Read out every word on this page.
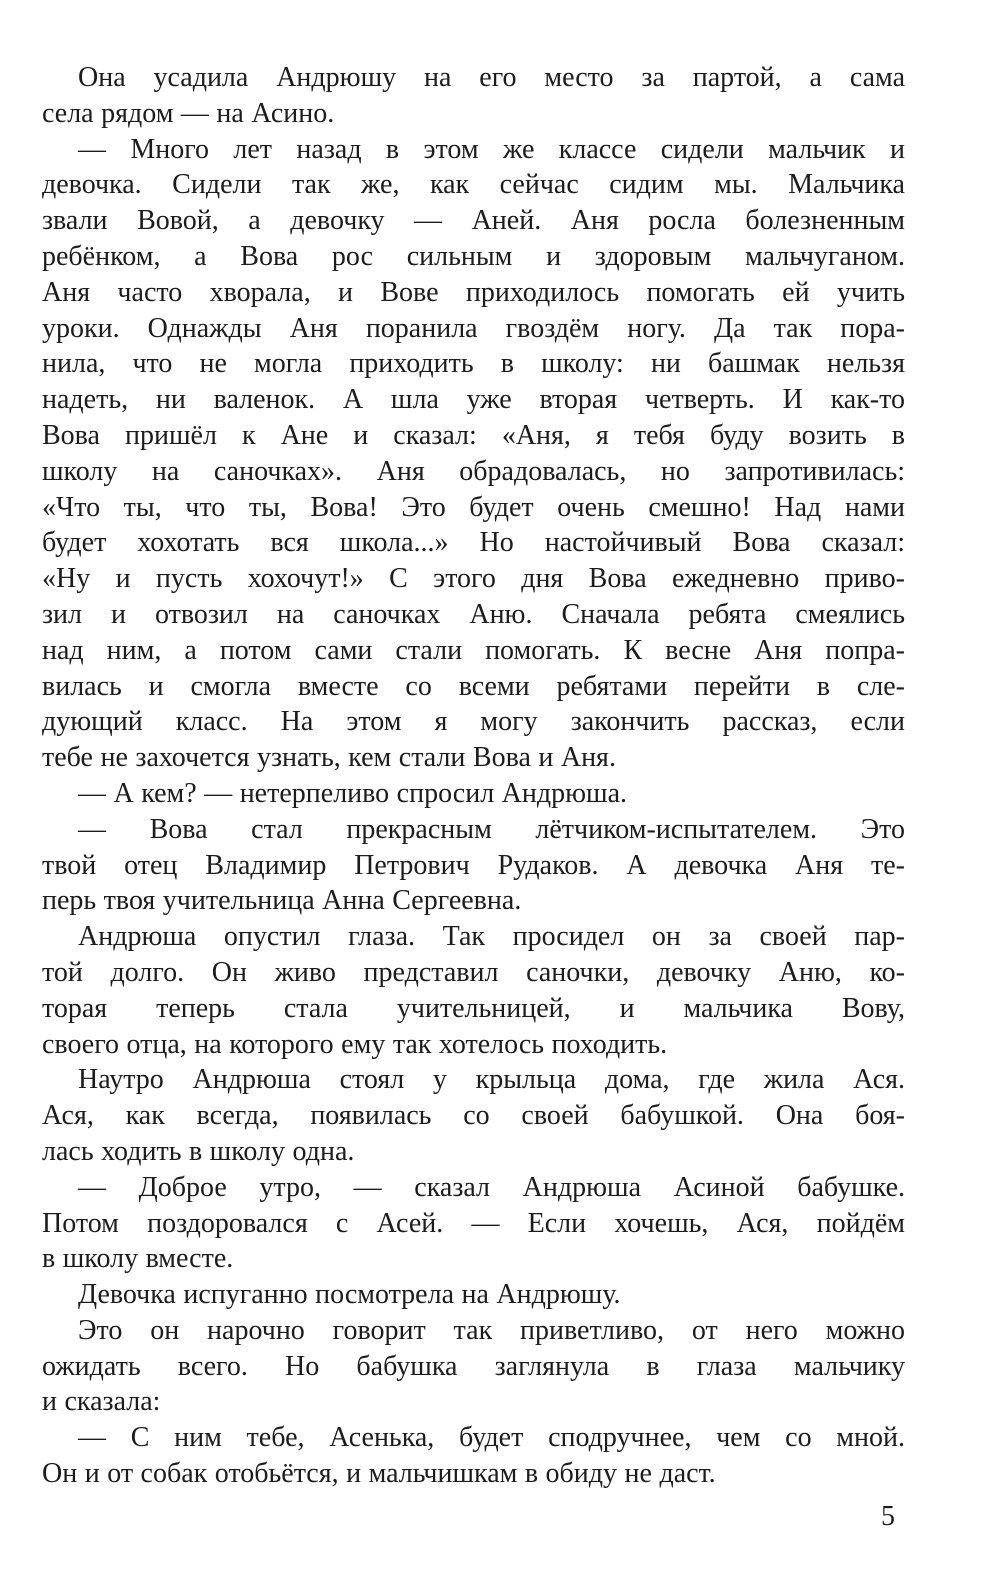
Она усадила Андрюшу на его место за партой, а сама
села рядом — на Асино.
— Много лет назад в этом же классе сидели мальчик и
девочка. Сидели так же, как сейчас сидим мы. Мальчика
звали Вовой, а девочку — Аней. Аня росла болезненным
ребёнком, а Вова рос сильным и здоровым мальчуганом.
Аня часто хворала, и Вове приходилось помогать ей учить
уроки. Однажды Аня поранила гвоздём ногу. Да так пора-
нила, что не могла приходить в школу: ни башмак нельзя
надеть, ни валенок. А шла уже вторая четверть. И как-то
Вова пришёл к Ане и сказал: «Аня, я тебя буду возить в
школу на саночках». Аня обрадовалась, но запротивилась:
«Что ты, что ты, Вова! Это будет очень смешно! Над нами
будет хохотать вся школа...» Но настойчивый Вова сказал:
«Ну и пусть хохочут!» С этого дня Вова ежедневно приво-
зил и отвозил на саночках Аню. Сначала ребята смеялись
над ним, а потом сами стали помогать. К весне Аня попра-
вилась и смогла вместе со всеми ребятами перейти в сле-
дующий класс. На этом я могу закончить рассказ, если
тебе не захочется узнать, кем стали Вова и Аня.
— А кем? — нетерпеливо спросил Андрюша.
— Вова стал прекрасным лётчиком-испытателем. Это
твой отец Владимир Петрович Рудаков. А девочка Аня те-
перь твоя учительница Анна Сергеевна.
Андрюша опустил глаза. Так просидел он за своей пар-
той долго. Он живо представил саночки, девочку Аню, ко-
торая теперь стала учительницей, и мальчика Вову,
своего отца, на которого ему так хотелось походить.
Наутро Андрюша стоял у крыльца дома, где жила Ася.
Ася, как всегда, появилась со своей бабушкой. Она боя-
лась ходить в школу одна.
— Доброе утро, — сказал Андрюша Асиной бабушке.
Потом поздоровался с Асей. — Если хочешь, Ася, пойдём
в школу вместе.
Девочка испуганно посмотрела на Андрюшу.
Это он нарочно говорит так приветливо, от него можно
ожидать всего. Но бабушка заглянула в глаза мальчику
и сказала:
— С ним тебе, Асенька, будет сподручнее, чем со мной.
Он и от собак отобьётся, и мальчишкам в обиду не даст.
5
